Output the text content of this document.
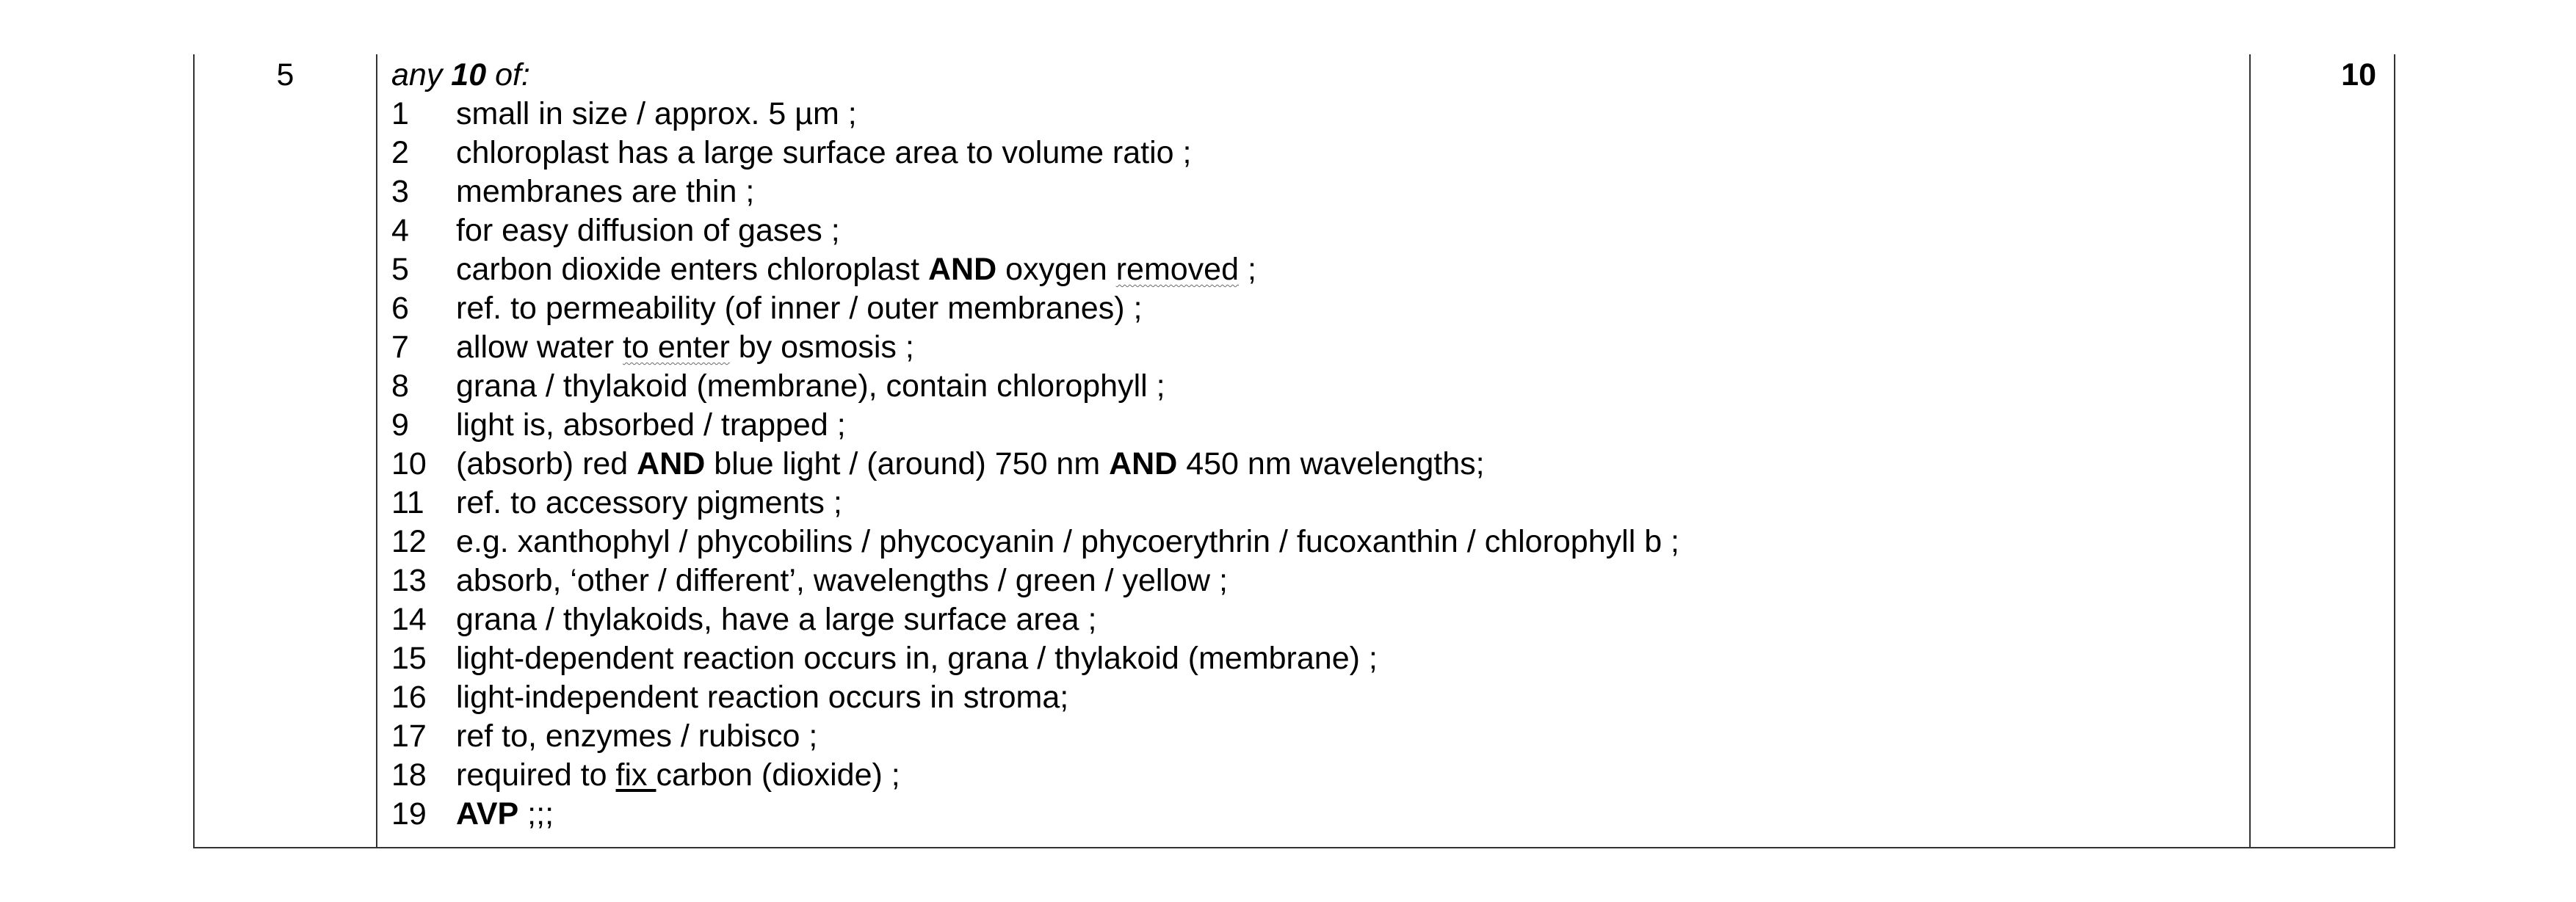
5	any 10 of:
1	small in size / approx. 5 µm ;
2	chloroplast has a large surface area to volume ratio ;
3	membranes are thin ;
4	for easy diffusion of gases ;
5	carbon dioxide enters chloroplast AND oxygen removed ;
6	ref. to permeability (of inner / outer membranes) ;
7	allow water to enter by osmosis ;
8	grana / thylakoid (membrane), contain chlorophyll ;
9	light is, absorbed / trapped ;
10 (absorb) red AND blue light / (around) 750 nm AND 450 nm wavelengths;
11	ref. to accessory pigments ;
12 e.g. xanthophyl / phycobilins / phycocyanin / phycoerythrin / fucoxanthin / chlorophyll b ;
13 absorb, ‘other / different’, wavelengths / green / yellow ;
14 grana / thylakoids, have a large surface area ;
15 light-dependent reaction occurs in, grana / thylakoid (membrane) ;
16 light-independent reaction occurs in stroma;
17 ref to, enzymes / rubisco ;
18 required to fix carbon (dioxide) ;
19 AVP ;;;
10
